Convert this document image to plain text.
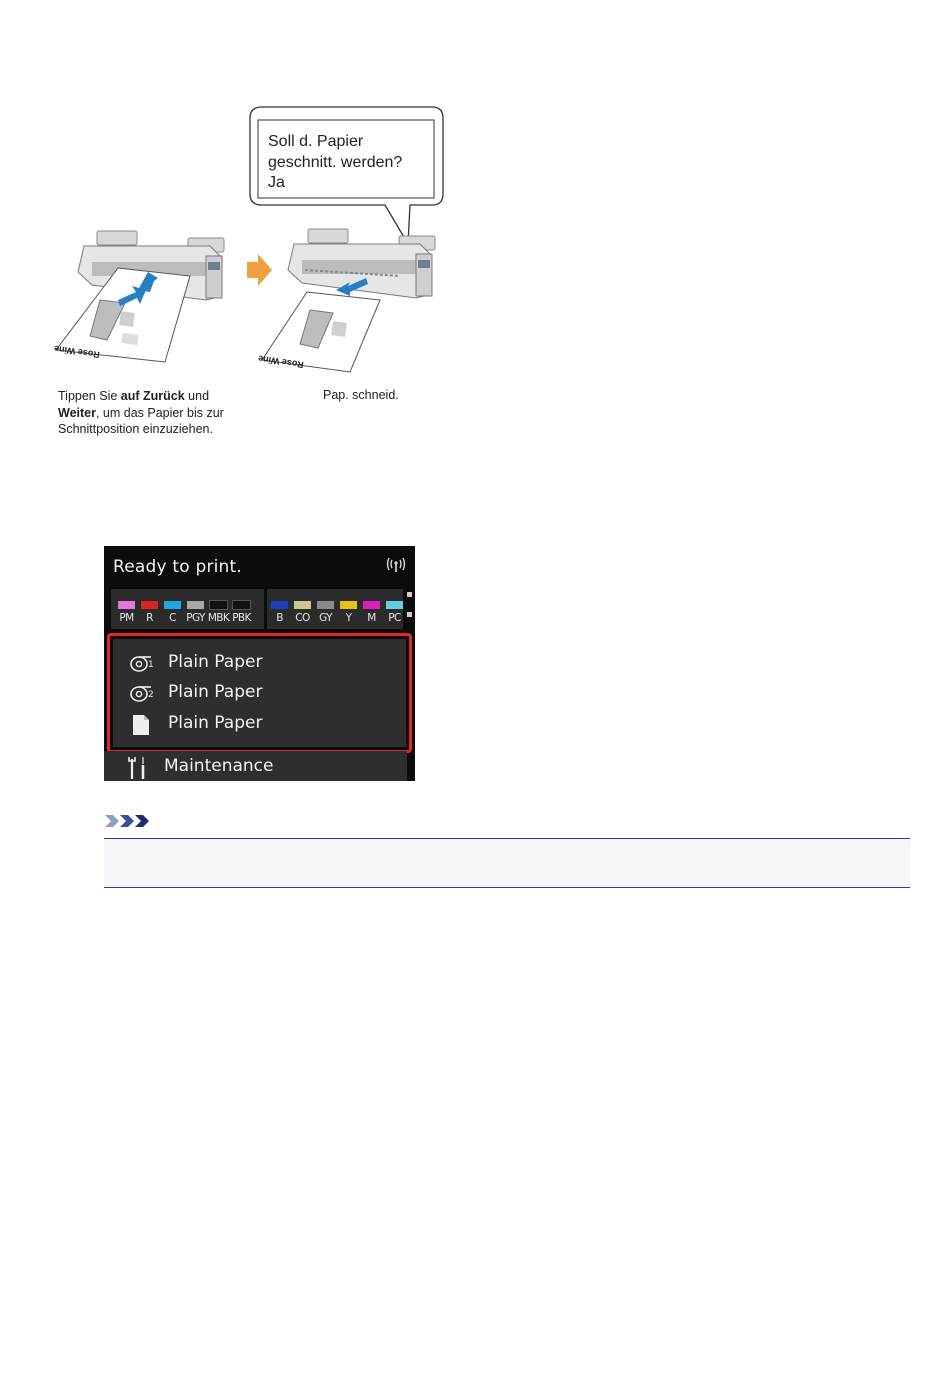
Rose Wine
Rose Wine
Soll d. Papier
geschnitt. werden?
Ja
Tippen Sie auf Zurück und
Weiter, um das Papier bis zur
Schnittposition einzuziehen.
Pap. schneid.
Ready to print.
PM	R	C PGY MBK PBK	B	CO GY	Y	M	PC
1 Plain Paper
2 Plain Paper
Plain Paper
Maintenance
